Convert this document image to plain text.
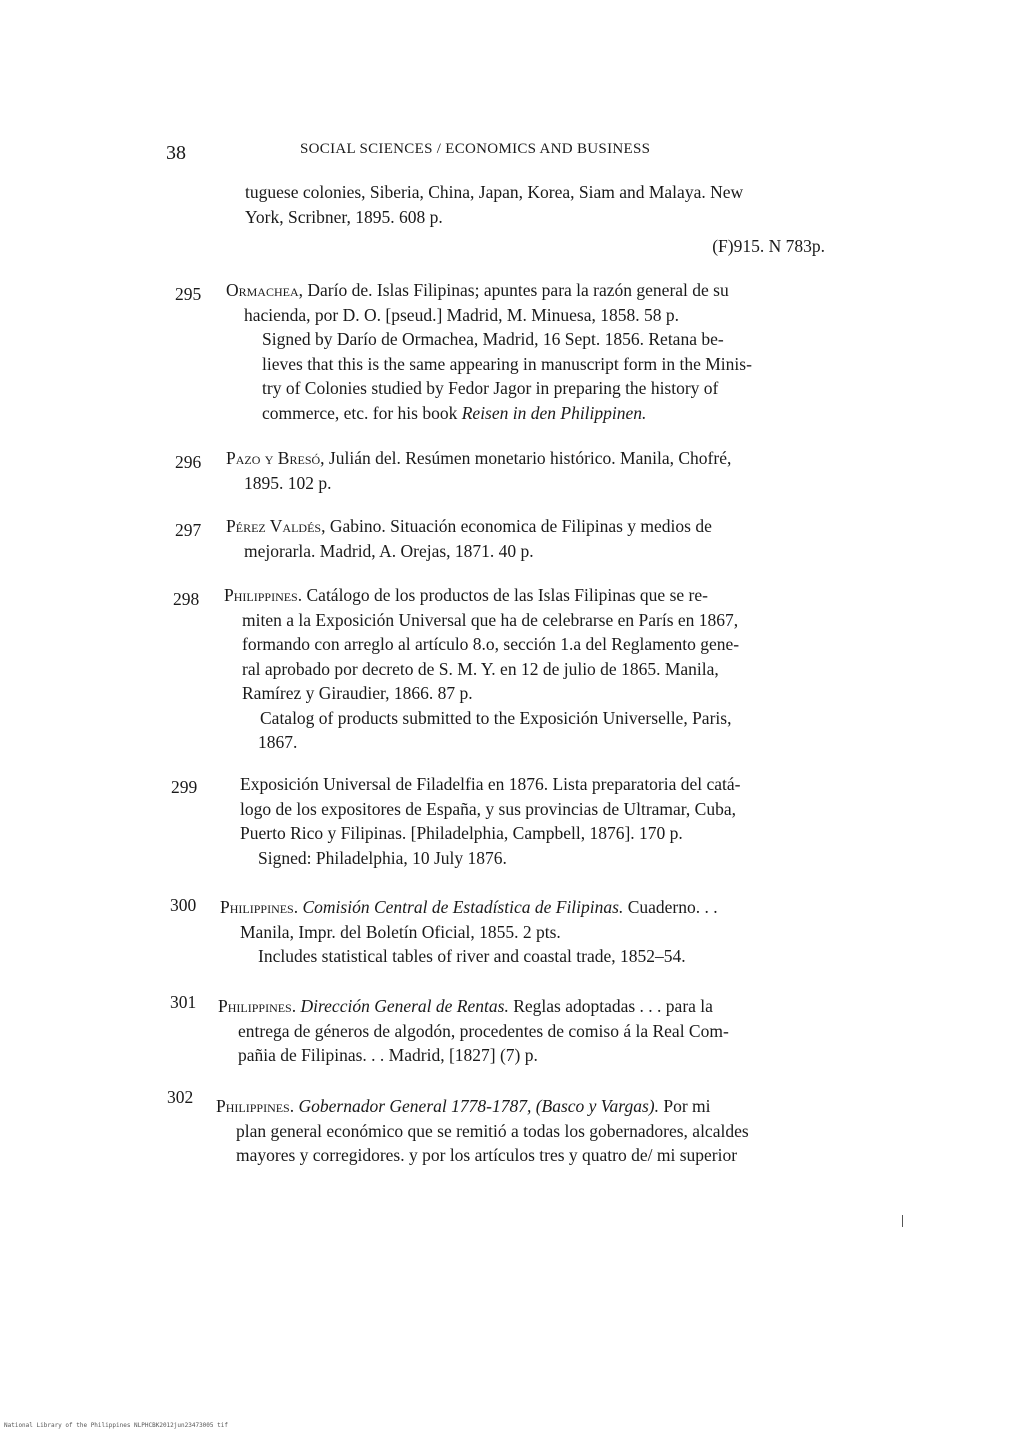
38	SOCIAL SCIENCES / ECONOMICS AND BUSINESS
tuguese colonies, Siberia, China, Japan, Korea, Siam and Malaya. New
York, Scribner, 1895. 608 p.
(F)915. N 783p.
295 Ormachea, Darío de. Islas Filipinas; apuntes para la razón general de su
hacienda, por D. O. [pseud.] Madrid, M. Minuesa, 1858. 58 p.
Signed by Darío de Ormachea, Madrid, 16 Sept. 1856. Retana be-
lieves that this is the same appearing in manuscript form in the Minis-
try of Colonies studied by Fedor Jagor in preparing the history of
commerce, etc. for his book Reisen in den Philippinen.
296 Pazo y Bresó, Julián del. Resúmen monetario histórico. Manila, Chofré,
1895. 102 p.
297 Pérez Valdés, Gabino. Situación economica de Filipinas y medios de
mejorarla. Madrid, A. Orejas, 1871. 40 p.
298 Philippines. Catálogo de los productos de las Islas Filipinas que se re-
miten a la Exposición Universal que ha de celebrarse en París en 1867,
formando con arreglo al artículo 8.o, sección 1.a del Reglamento gene-
ral aprobado por decreto de S. M. Y. en 12 de julio de 1865. Manila,
Ramírez y Giraudier, 1866. 87 p.
Catalog of products submitted to the Exposición Universelle, Paris,
1867.
299 Exposición Universal de Filadelfia en 1876. Lista preparatoria del catá-
logo de los expositores de España, y sus provincias de Ultramar, Cuba,
Puerto Rico y Filipinas. [Philadelphia, Campbell, 1876]. 170 p.
Signed: Philadelphia, 10 July 1876.
300 Philippines. Comisión Central de Estadística de Filipinas. Cuaderno. . .
Manila, Impr. del Boletín Oficial, 1855. 2 pts.
Includes statistical tables of river and coastal trade, 1852–54.
301 Philippines. Dirección General de Rentas. Reglas adoptadas . . . para la
entrega de géneros de algodón, procedentes de comiso á la Real Com-
pañia de Filipinas. . . Madrid, [1827] (7) p.
302 Philippines. Gobernador General 1778-1787, (Basco y Vargas). Por mi
plan general económico que se remitió a todas los gobernadores, alcaldes
mayores y corregidores. y por los artículos tres y quatro de/ mi superior
National Library of the Philippines NLPHCBK2012jun23473005 tif
